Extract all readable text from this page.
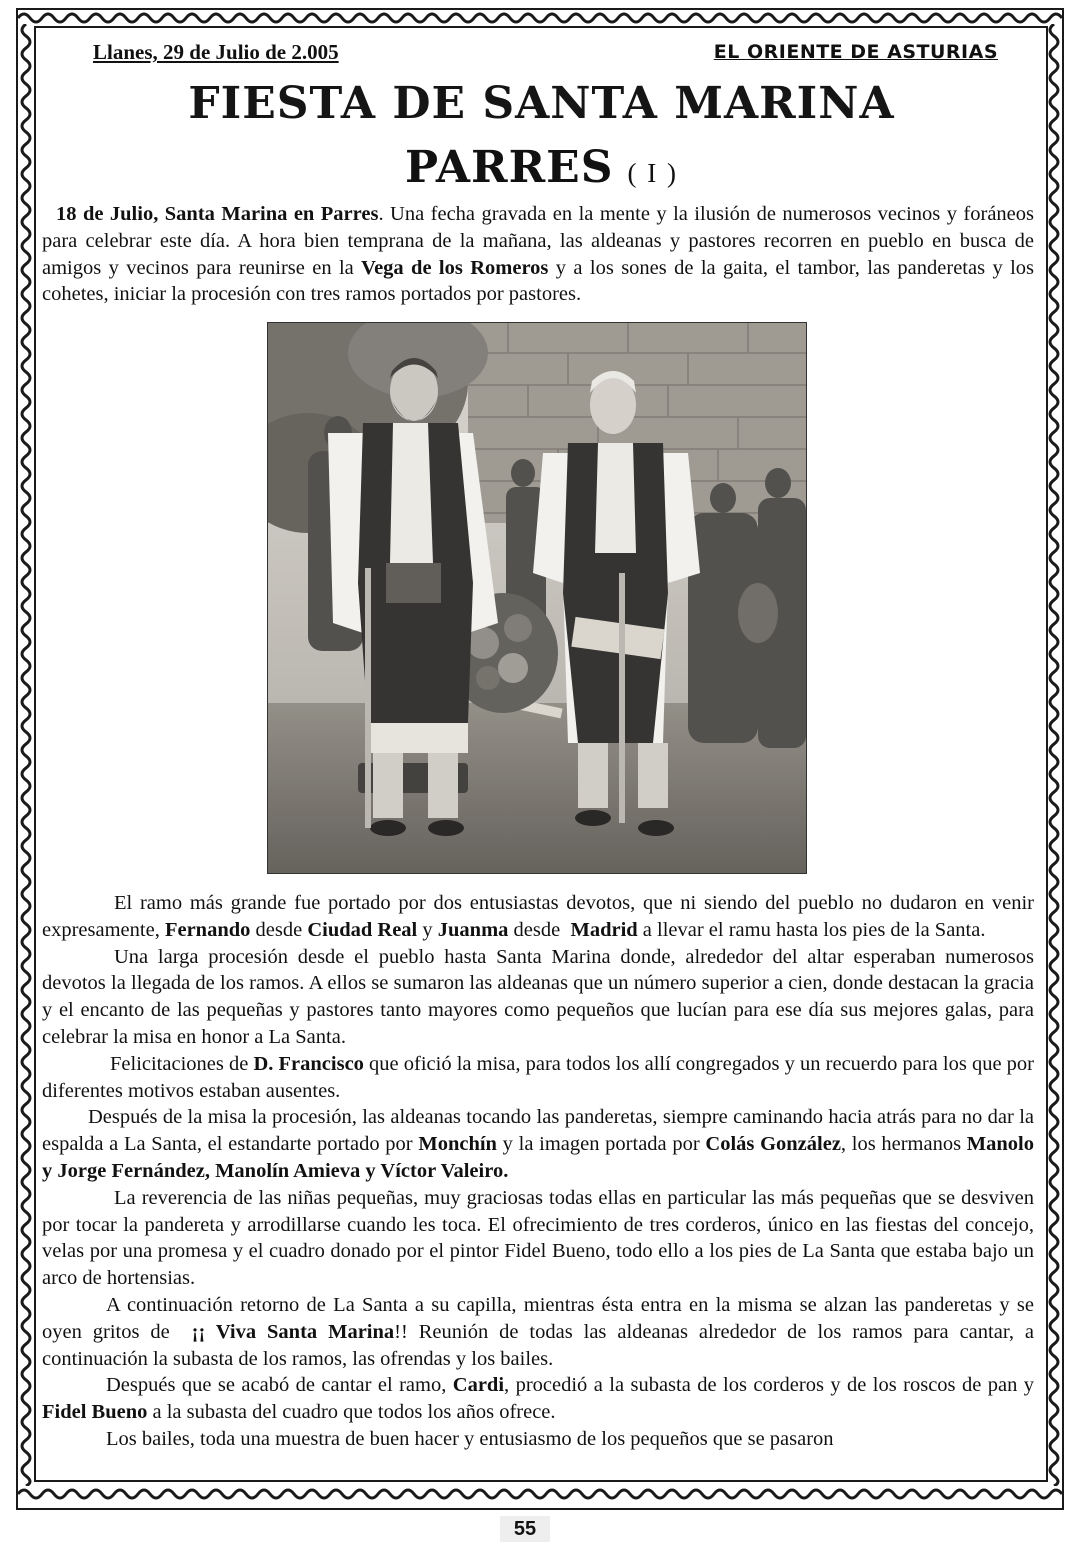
Llanes, 29 de Julio de 2.005	EL ORIENTE DE ASTURIAS
FIESTA DE SANTA MARINA
PARRES ( I )

18 de Julio, Santa Marina en Parres. Una fecha gravada en la mente y la ilusión de numerosos vecinos y foráneos para celebrar este día. A hora bien temprana de la mañana, las aldeanas y pastores recorren en pueblo en busca de amigos y vecinos para reunirse en la Vega de los Romeros y a los sones de la gaita, el tambor, las panderetas y los cohetes, iniciar la procesión con tres ramos portados por pastores.

El ramo más grande fue portado por dos entusiastas devotos, que ni siendo del pueblo no dudaron en venir expresamente, Fernando desde Ciudad Real y Juanma desde  Madrid a llevar el ramu hasta los pies de la Santa.

Una larga procesión desde el pueblo hasta Santa Marina donde, alrededor del altar esperaban numerosos devotos la llegada de los ramos. A ellos se sumaron las aldeanas que un número superior a cien, donde destacan la gracia y el encanto de las pequeñas y pastores tanto mayores como pequeños que lucían para ese día sus mejores galas, para celebrar la misa en honor a La Santa.

Felicitaciones de D. Francisco que ofició la misa, para todos los allí congregados y un recuerdo para los que por diferentes motivos estaban ausentes.

Después de la misa la procesión, las aldeanas tocando las panderetas, siempre caminando hacia atrás para no dar la espalda a La Santa, el estandarte portado por Monchín y la imagen portada por Colás González, los hermanos Manolo y Jorge Fernández, Manolín Amieva y Víctor Valeiro.

La reverencia de las niñas pequeñas, muy graciosas todas ellas en particular las más pequeñas que se desviven por tocar la pandereta y arrodillarse cuando les toca. El ofrecimiento de tres corderos, único en las fiestas del concejo, velas por una promesa y el cuadro donado por el pintor Fidel Bueno, todo ello a los pies de La Santa que estaba bajo un arco de hortensias.

A continuación retorno de La Santa a su capilla, mientras ésta entra en la misma se alzan las panderetas y se oyen gritos de  ¡¡ Viva Santa Marina!! Reunión de todas las aldeanas alrededor de los ramos para cantar, a continuación la subasta de los ramos, las ofrendas y los bailes.

Después que se acabó de cantar el ramo, Cardi, procedió a la subasta de los corderos y de los roscos de pan y Fidel Bueno a la subasta del cuadro que todos los años ofrece.

Los bailes, toda una muestra de buen hacer y entusiasmo de los pequeños que se pasaron

55
